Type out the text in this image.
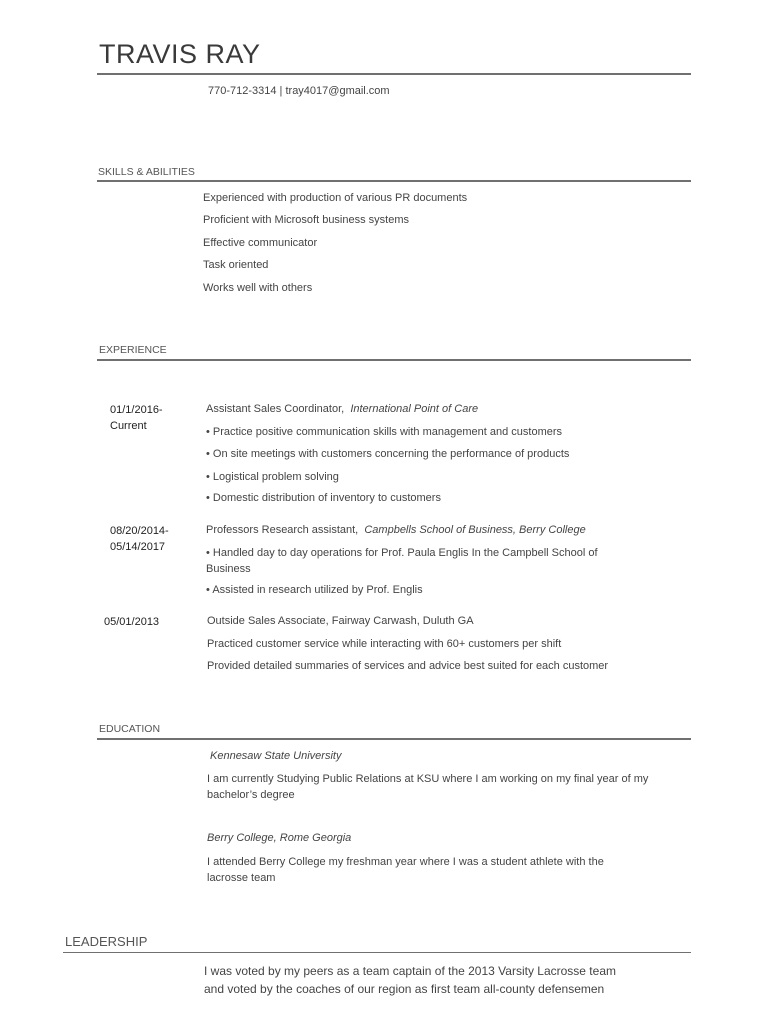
TRAVIS RAY
770-712-3314 | tray4017@gmail.com
SKILLS & ABILITIES
Experienced with production of various PR documents
Proficient with Microsoft business systems
Effective communicator
Task oriented
Works well with others
EXPERIENCE
01/1/2016-
Current
Assistant Sales Coordinator, International Point of Care
• Practice positive communication skills with management and customers
• On site meetings with customers concerning the performance of products
• Logistical problem solving
• Domestic distribution of inventory to customers
08/20/2014-
05/14/2017
Professors Research assistant, Campbells School of Business, Berry College
• Handled day to day operations for Prof. Paula Englis In the Campbell School of Business
• Assisted in research utilized by Prof. Englis
05/01/2013	Outside Sales Associate, Fairway Carwash, Duluth GA
Practiced customer service while interacting with 60+ customers per shift
Provided detailed summaries of services and advice best suited for each customer
EDUCATION
Kennesaw State University
I am currently Studying Public Relations at KSU where I am working on my final year of my bachelor’s degree
Berry College, Rome Georgia
I attended Berry College my freshman year where I was a student athlete with the lacrosse team
LEADERSHIP
I was voted by my peers as a team captain of the 2013 Varsity Lacrosse team
and voted by the coaches of our region as first team all-county defensemen
